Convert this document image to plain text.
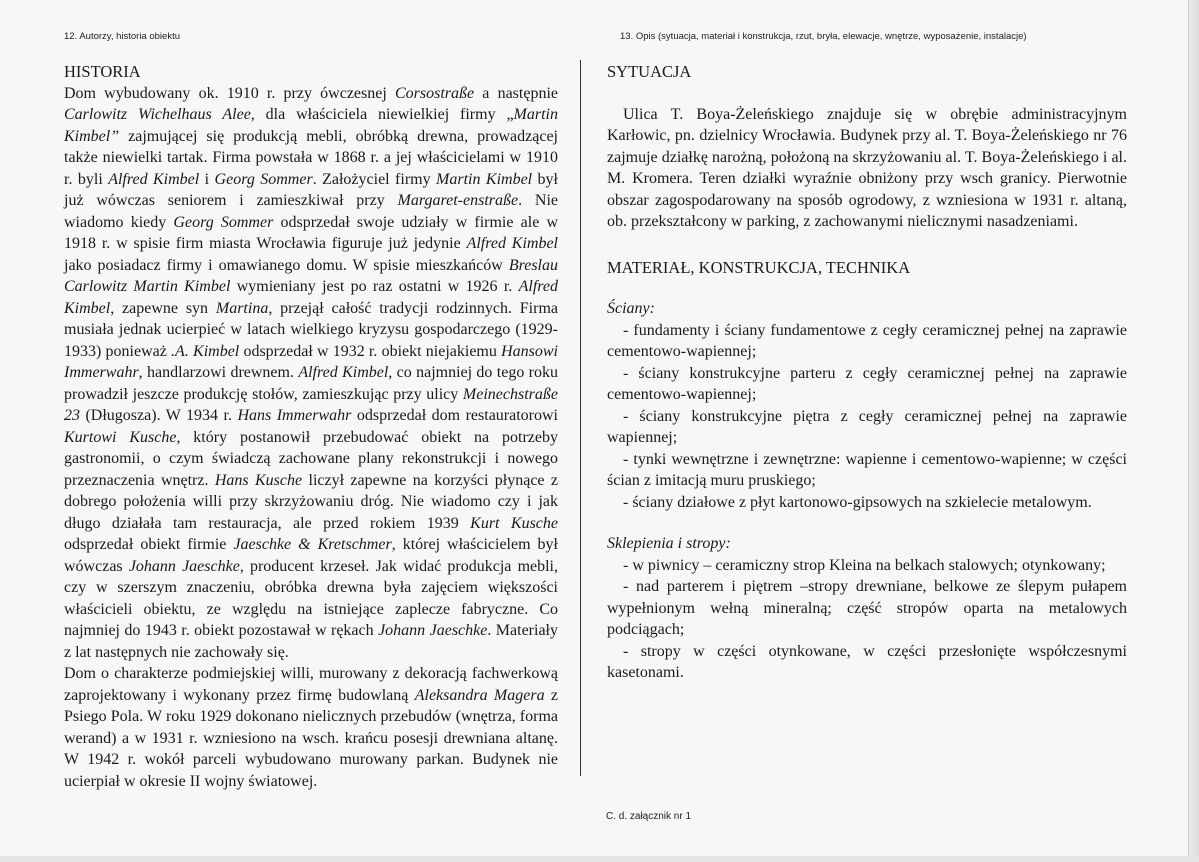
12. Autorzy, historia obiektu	13. Opis (sytuacja, materiał i konstrukcja, rzut, bryła, elewacje, wnętrze, wyposażenie, instalacje)

HISTORIA

Dom wybudowany ok. 1910 r. przy ówczesnej Corsostraße a następnie Carlowitz Wichelhaus Alee, dla właściciela niewielkiej firmy „Martin Kimbel” zajmującej się produkcją mebli, obróbką drewna, prowadzącej także niewielki tartak. Firma powstała w 1868 r. a jej właścicielami w 1910 r. byli Alfred Kimbel i Georg Sommer. Założyciel firmy Martin Kimbel był już wówczas seniorem i zamieszkiwał przy Margaret-enstraße. Nie wiadomo kiedy Georg Sommer odsprzedał swoje udziały w firmie ale w 1918 r. w spisie firm miasta Wrocławia figuruje już jedynie Alfred Kimbel jako posiadacz firmy i omawianego domu. W spisie mieszkańców Breslau Carlowitz Martin Kimbel wymieniany jest po raz ostatni w 1926 r. Alfred Kimbel, zapewne syn Martina, przejął całość tradycji rodzinnych. Firma musiała jednak ucierpieć w latach wielkiego kryzysu gospodarczego (1929-1933) ponieważ .A. Kimbel odsprzedał w 1932 r. obiekt niejakiemu Hansowi Immerwahr, handlarzowi drewnem. Alfred Kimbel, co najmniej do tego roku prowadził jeszcze produkcję stołów, zamieszkując przy ulicy Meinechstraße 23 (Długosza). W 1934 r. Hans Immerwahr odsprzedał dom restauratorowi Kurtowi Kusche, który postanowił przebudować obiekt na potrzeby gastronomii, o czym świadczą zachowane plany rekonstrukcji i nowego przeznaczenia wnętrz. Hans Kusche liczył zapewne na korzyści płynące z dobrego położenia willi przy skrzyżowaniu dróg. Nie wiadomo czy i jak długo działała tam restauracja, ale przed rokiem 1939 Kurt Kusche odsprzedał obiekt firmie Jaeschke & Kretschmer, której właścicielem był wówczas Johann Jaeschke, producent krzeseł. Jak widać produkcja mebli, czy w szerszym znaczeniu, obróbka drewna była zajęciem większości właścicieli obiektu, ze względu na istniejące zaplecze fabryczne. Co najmniej do 1943 r. obiekt pozostawał w rękach Johann Jaeschke. Materiały z lat następnych nie zachowały się.

Dom o charakterze podmiejskiej willi, murowany z dekoracją fachwerkową zaprojektowany i wykonany przez firmę budowlaną Aleksandra Magera z Psiego Pola. W roku 1929 dokonano nielicznych przebudów (wnętrza, forma werand) a w 1931 r. wzniesiono na wsch. krańcu posesji drewniana altanę. W 1942 r. wokół parceli wybudowano murowany parkan. Budynek nie ucierpiał w okresie II wojny światowej.

SYTUACJA

Ulica T. Boya-Żeleńskiego znajduje się w obrębie administracyjnym Karłowic, pn. dzielnicy Wrocławia. Budynek przy al. T. Boya-Żeleńskiego nr 76 zajmuje działkę narożną, położoną na skrzyżowaniu al. T. Boya-Żeleńskiego i al. M. Kromera. Teren działki wyraźnie obniżony przy wsch granicy. Pierwotnie obszar zagospodarowany na sposób ogrodowy, z wzniesiona w 1931 r. altaną, ob. przekształcony w parking, z zachowanymi nielicznymi nasadzeniami.

MATERIAŁ, KONSTRUKCJA, TECHNIKA

Ściany:

- fundamenty i ściany fundamentowe z cegły ceramicznej pełnej na zaprawie cementowo-wapiennej;

- ściany konstrukcyjne parteru z cegły ceramicznej pełnej na zaprawie cementowo-wapiennej;

- ściany konstrukcyjne piętra z cegły ceramicznej pełnej na zaprawie wapiennej;

- tynki wewnętrzne i zewnętrzne: wapienne i cementowo-wapienne; w części ścian z imitacją muru pruskiego;

- ściany działowe z płyt kartonowo-gipsowych na szkielecie metalowym.

Sklepienia i stropy:

- w piwnicy – ceramiczny strop Kleina na belkach stalowych; otynkowany;

- nad parterem i piętrem –stropy drewniane, belkowe ze ślepym pułapem wypełnionym wełną mineralną; część stropów oparta na metalowych podciągach;

- stropy w części otynkowane, w części przesłonięte współczesnymi kasetonami.

C. d. załącznik nr 1
